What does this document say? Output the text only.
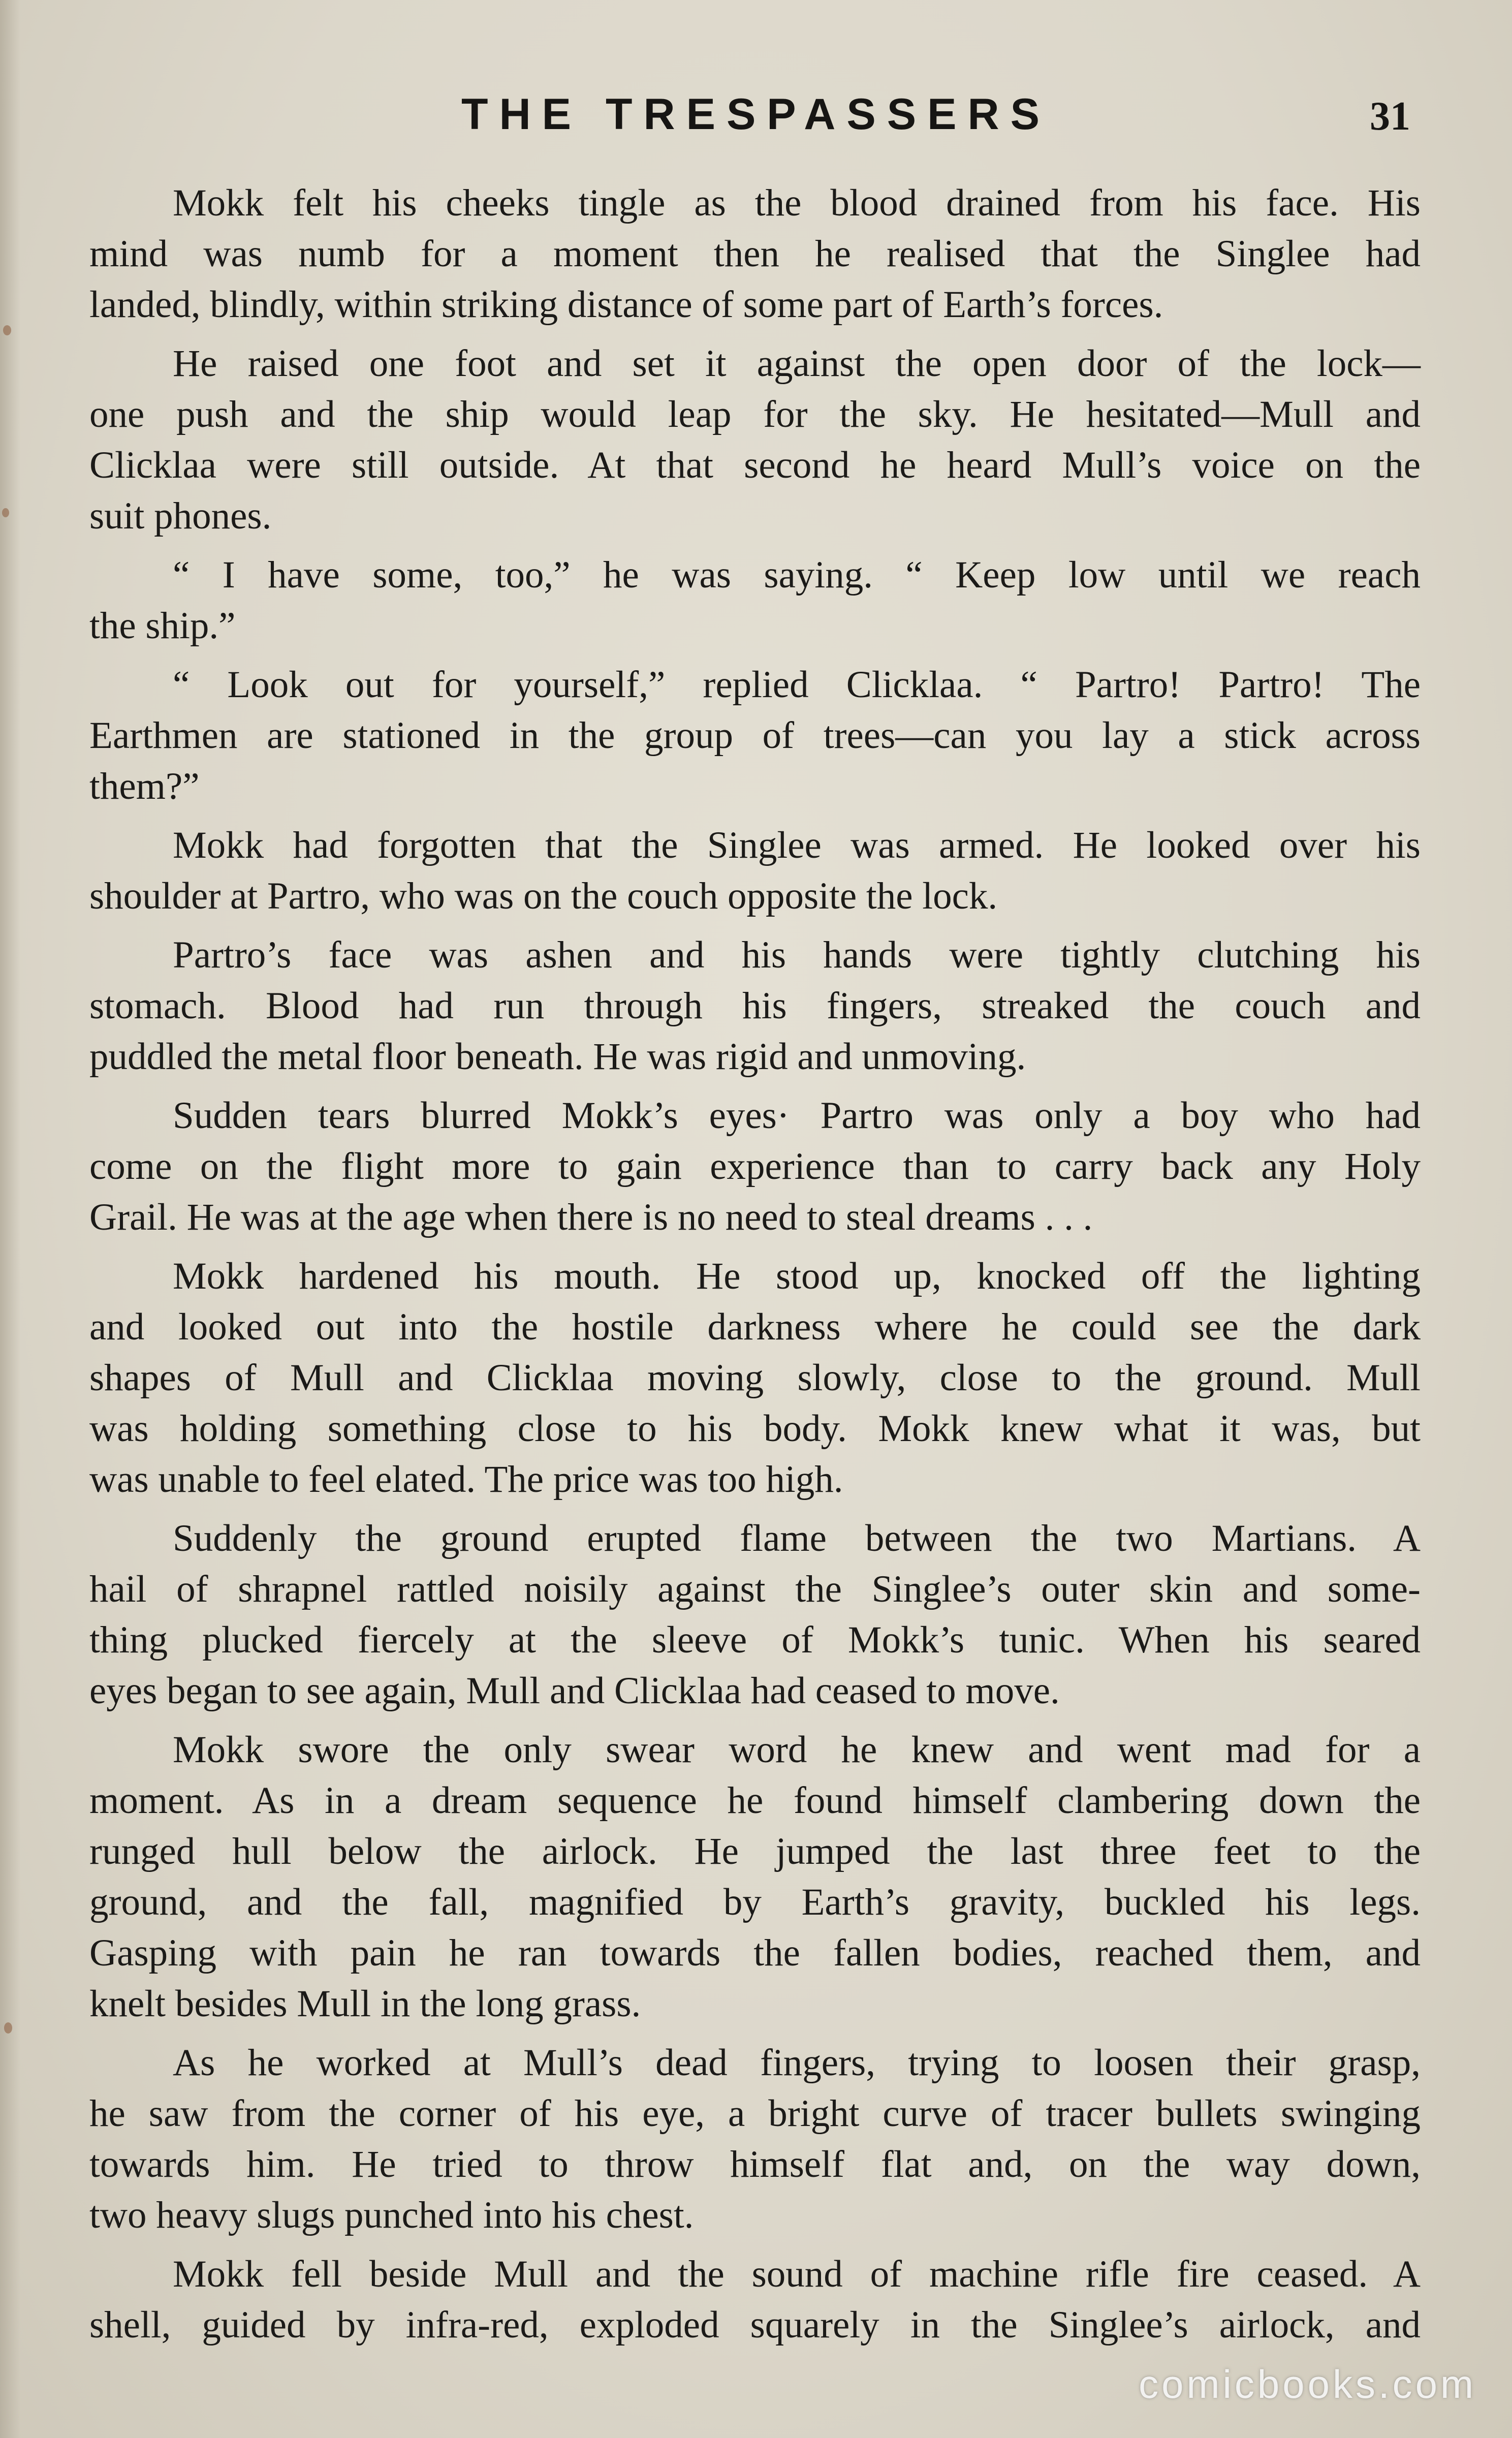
THE TRESPASSERS	31
Mokk felt his cheeks tingle as the blood drained from his face. His
mind was numb for a moment then he realised that the Singlee had
landed, blindly, within striking distance of some part of Earth’s forces.
He raised one foot and set it against the open door of the lock—
one push and the ship would leap for the sky. He hesitated—Mull and
Clicklaa were still outside. At that second he heard Mull’s voice on the
suit phones.
“ I have some, too,” he was saying. “ Keep low until we reach
the ship.”
“ Look out for yourself,” replied Clicklaa. “ Partro! Partro! The
Earthmen are stationed in the group of trees—can you lay a stick across
them?”
Mokk had forgotten that the Singlee was armed. He looked over his
shoulder at Partro, who was on the couch opposite the lock.
Partro’s face was ashen and his hands were tightly clutching his
stomach. Blood had run through his fingers, streaked the couch and
puddled the metal floor beneath. He was rigid and unmoving.
Sudden tears blurred Mokk’s eyes· Partro was only a boy who had
come on the flight more to gain experience than to carry back any Holy
Grail. He was at the age when there is no need to steal dreams . . .
Mokk hardened his mouth. He stood up, knocked off the lighting
and looked out into the hostile darkness where he could see the dark
shapes of Mull and Clicklaa moving slowly, close to the ground. Mull
was holding something close to his body. Mokk knew what it was, but
was unable to feel elated. The price was too high.
Suddenly the ground erupted flame between the two Martians. A
hail of shrapnel rattled noisily against the Singlee’s outer skin and some-
thing plucked fiercely at the sleeve of Mokk’s tunic. When his seared
eyes began to see again, Mull and Clicklaa had ceased to move.
Mokk swore the only swear word he knew and went mad for a
moment. As in a dream sequence he found himself clambering down the
runged hull below the airlock. He jumped the last three feet to the
ground, and the fall, magnified by Earth’s gravity, buckled his legs.
Gasping with pain he ran towards the fallen bodies, reached them, and
knelt besides Mull in the long grass.
As he worked at Mull’s dead fingers, trying to loosen their grasp,
he saw from the corner of his eye, a bright curve of tracer bullets swinging
towards him. He tried to throw himself flat and, on the way down,
two heavy slugs punched into his chest.
Mokk fell beside Mull and the sound of machine rifle fire ceased. A
shell, guided by infra-red, exploded squarely in the Singlee’s airlock, and
comicbooks.com
